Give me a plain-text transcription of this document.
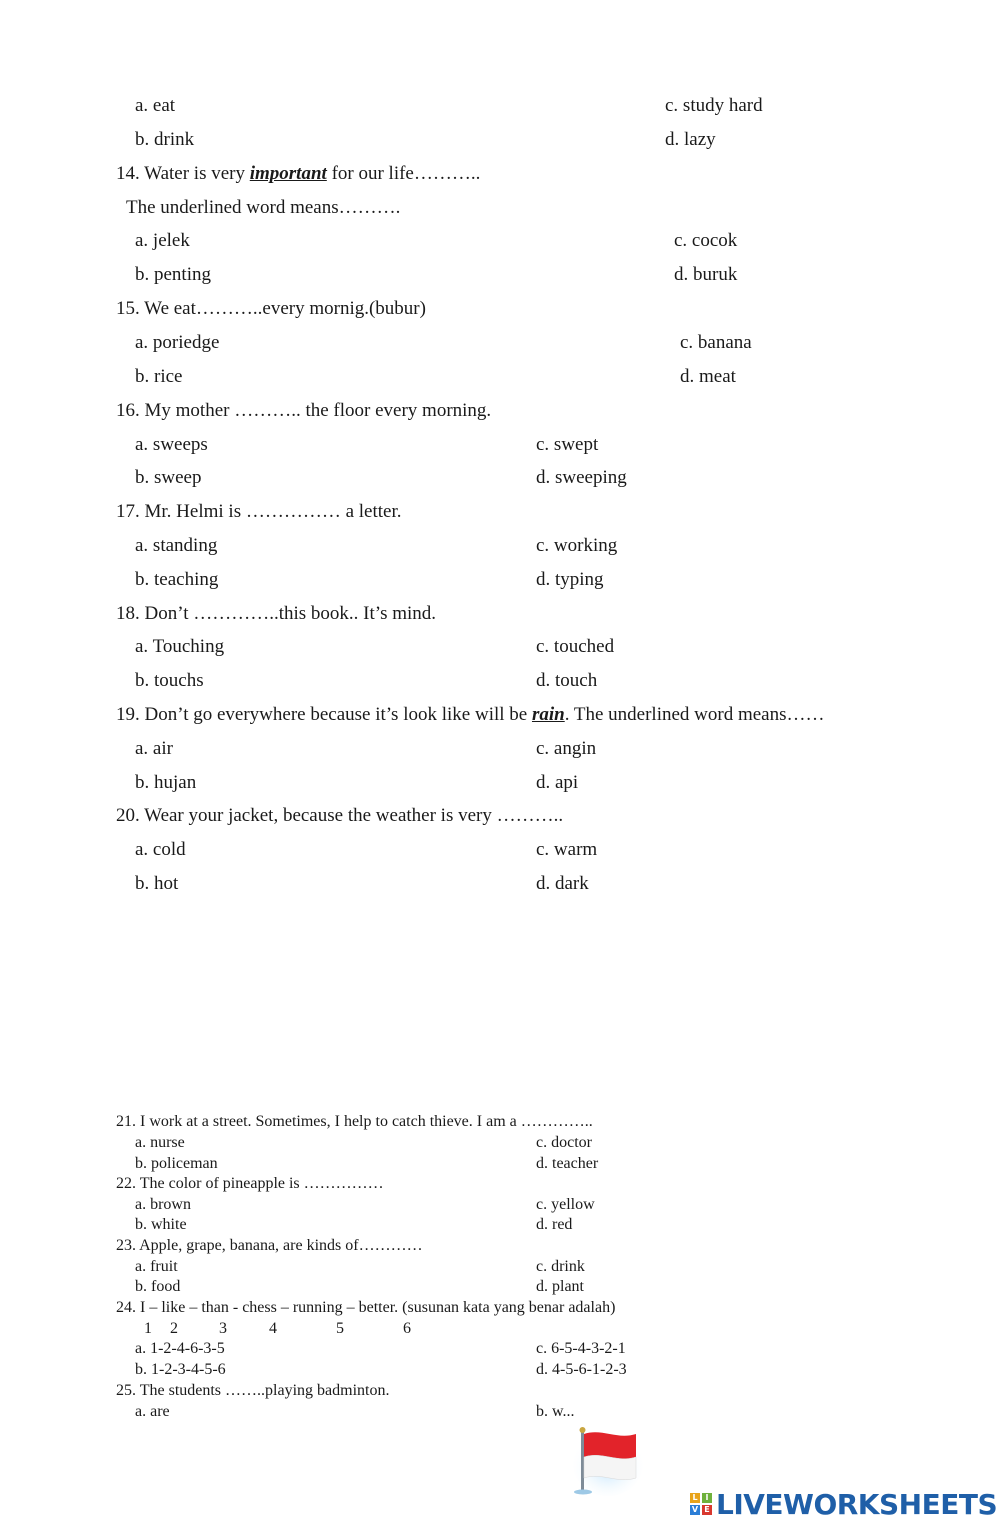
a. eat	c. study hard
b. drink	d. lazy
14. Water is very important for our life………..
The underlined word means……….
a. jelek	c. cocok
b. penting	d. buruk
15. We eat………..every mornig.(bubur)
a. poriedge	c. banana
b. rice	d. meat
16. My mother ……….. the floor every morning.
a. sweeps	c. swept
b. sweep	d. sweeping
17. Mr. Helmi is …………… a letter.
a. standing	c. working
b. teaching	d. typing
18. Don’t …………..this book.. It’s mind.
a. Touching	c. touched
b. touchs	d. touch
19. Don’t go everywhere because it’s look like will be rain. The underlined word means……
a. air	c. angin
b. hujan	d. api
20. Wear your jacket, because the weather is very ………..
a. cold	c. warm
b. hot	d. dark
21. I work at a street. Sometimes, I help to catch thieve. I am a …………..
a. nurse	c. doctor
b. policeman	d. teacher
22. The color of pineapple is ……………
a. brown	c. yellow
b. white	d. red
23. Apple, grape, banana, are kinds of…………
a. fruit	c. drink
b. food	d. plant
24. I – like – than - chess – running – better. (susunan kata yang benar adalah)
1 2	3	4	5	6
a. 1-2-4-6-3-5	c. 6-5-4-3-2-1
b. 1-2-3-4-5-6	d. 4-5-6-1-2-3
25. The students ……..playing badminton.
a. are	b. w...
L I
V E LIVEWORKSHEETS
